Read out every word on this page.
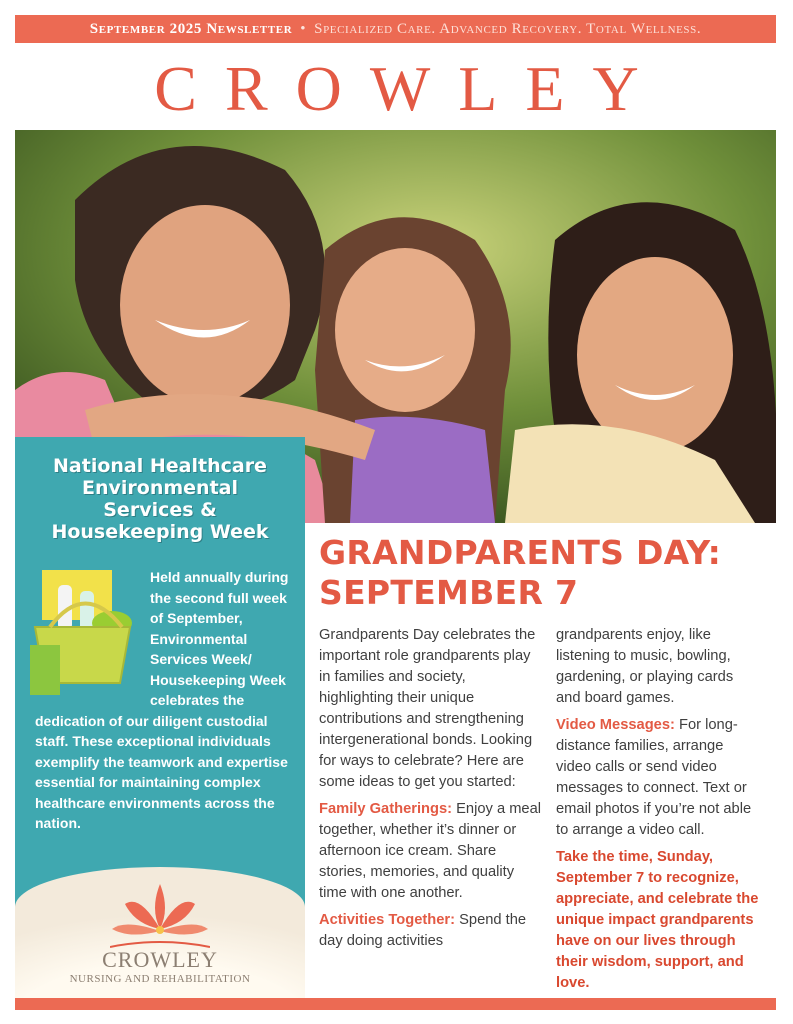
September 2025 Newsletter • Specialized Care. Advanced Recovery. Total Wellness.
CROWLEY
National Healthcare
Environmental
Services &
Housekeeping Week
Held annually during the second full week of September, Environmental Services Week/ Housekeeping Week celebrates the dedication of our diligent custodial staff. These exceptional individuals exemplify the teamwork and expertise essential for maintaining complex healthcare environments across the nation.
CROWLEY
NURSING AND REHABILITATION
GRANDPARENTS DAY:
SEPTEMBER 7

Grandparents Day celebrates the important role grandparents play in families and society, highlighting their unique contributions and strengthening intergenerational bonds. Looking for ways to celebrate? Here are some ideas to get you started:

Family Gatherings: Enjoy a meal together, whether it’s dinner or afternoon ice cream. Share stories, memories, and quality time with one another.

Activities Together: Spend the day doing activities

grandparents enjoy, like listening to music, bowling, gardening, or playing cards and board games.

Video Messages: For long-distance families, arrange video calls or send video messages to connect. Text or email photos if you’re not able to arrange a video call.

Take the time, Sunday, September 7 to recognize, appreciate, and celebrate the unique impact grandparents have on our lives through their wisdom, support, and love.
